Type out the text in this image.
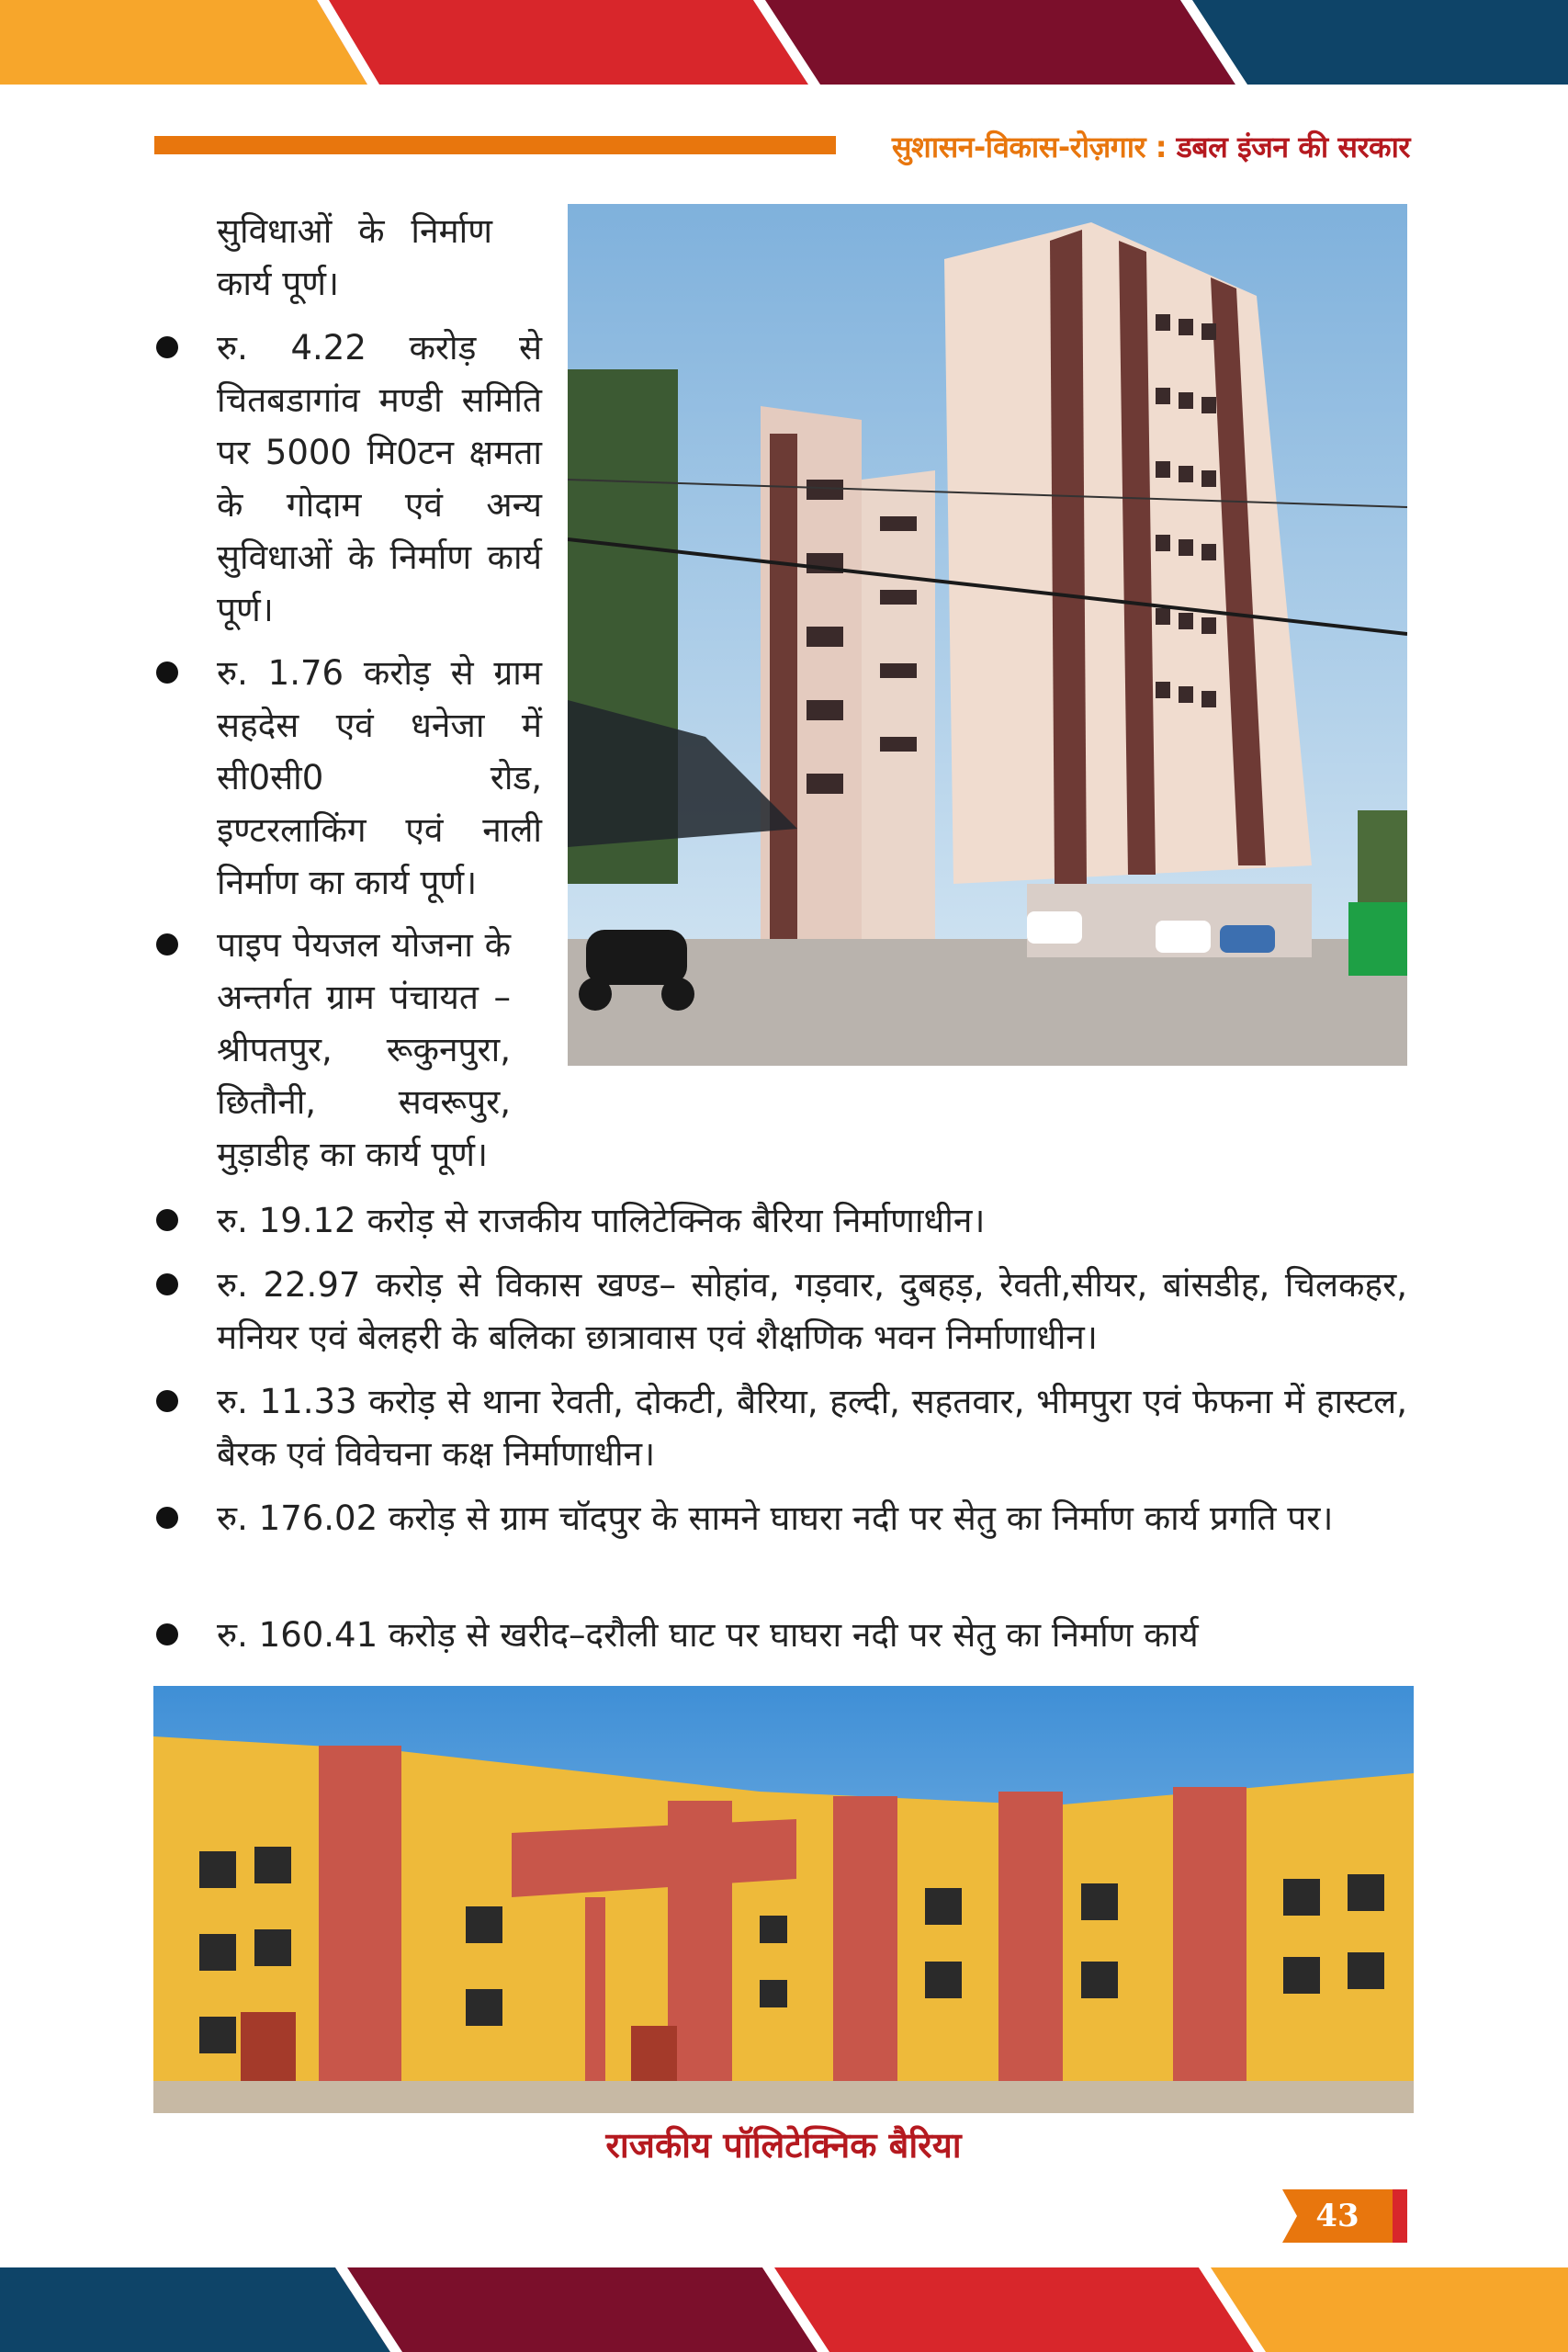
सुशासन-विकास-रोज़गार : डबल इंजन की सरकार
सुविधाओं के निर्माण कार्य पूर्ण।
रु. 4.22 करोड़ से चितबडागांव मण्डी समिति पर 5000 मि0टन क्षमता के गोदाम एवं अन्य सुविधाओं के निर्माण कार्य पूर्ण।
रु. 1.76 करोड़ से ग्राम सहदेस एवं धनेजा में सी0सी0 रोड, इण्टरलाकिंग एवं नाली निर्माण का कार्य पूर्ण।
पाइप पेयजल योजना के अन्तर्गत ग्राम पंचायत – श्रीपतपुर, रूकुनपुरा, छितौनी, सवरूपुर, मुड़ाडीह का कार्य पूर्ण।
रु. 19.12 करोड़ से राजकीय पालिटेक्निक बैरिया निर्माणाधीन।
रु. 22.97 करोड़ से विकास खण्ड– सोहांव, गड़वार, दुबहड़, रेवती,सीयर, बांसडीह, चिलकहर, मनियर एवं बेलहरी के बलिका छात्रावास एवं शैक्षणिक भवन निर्माणाधीन।
रु. 11.33 करोड़ से थाना रेवती, दोकटी, बैरिया, हल्दी, सहतवार, भीमपुरा एवं फेफना में हास्टल, बैरक एवं विवेचना कक्ष निर्माणाधीन।
रु. 176.02 करोड़ से ग्राम चॉदपुर के सामने घाघरा नदी पर सेतु का निर्माण कार्य प्रगति पर।
रु. 160.41 करोड़ से खरीद–दरौली घाट पर घाघरा नदी पर सेतु का निर्माण कार्य
राजकीय पॉलिटेक्निक बैरिया
43
